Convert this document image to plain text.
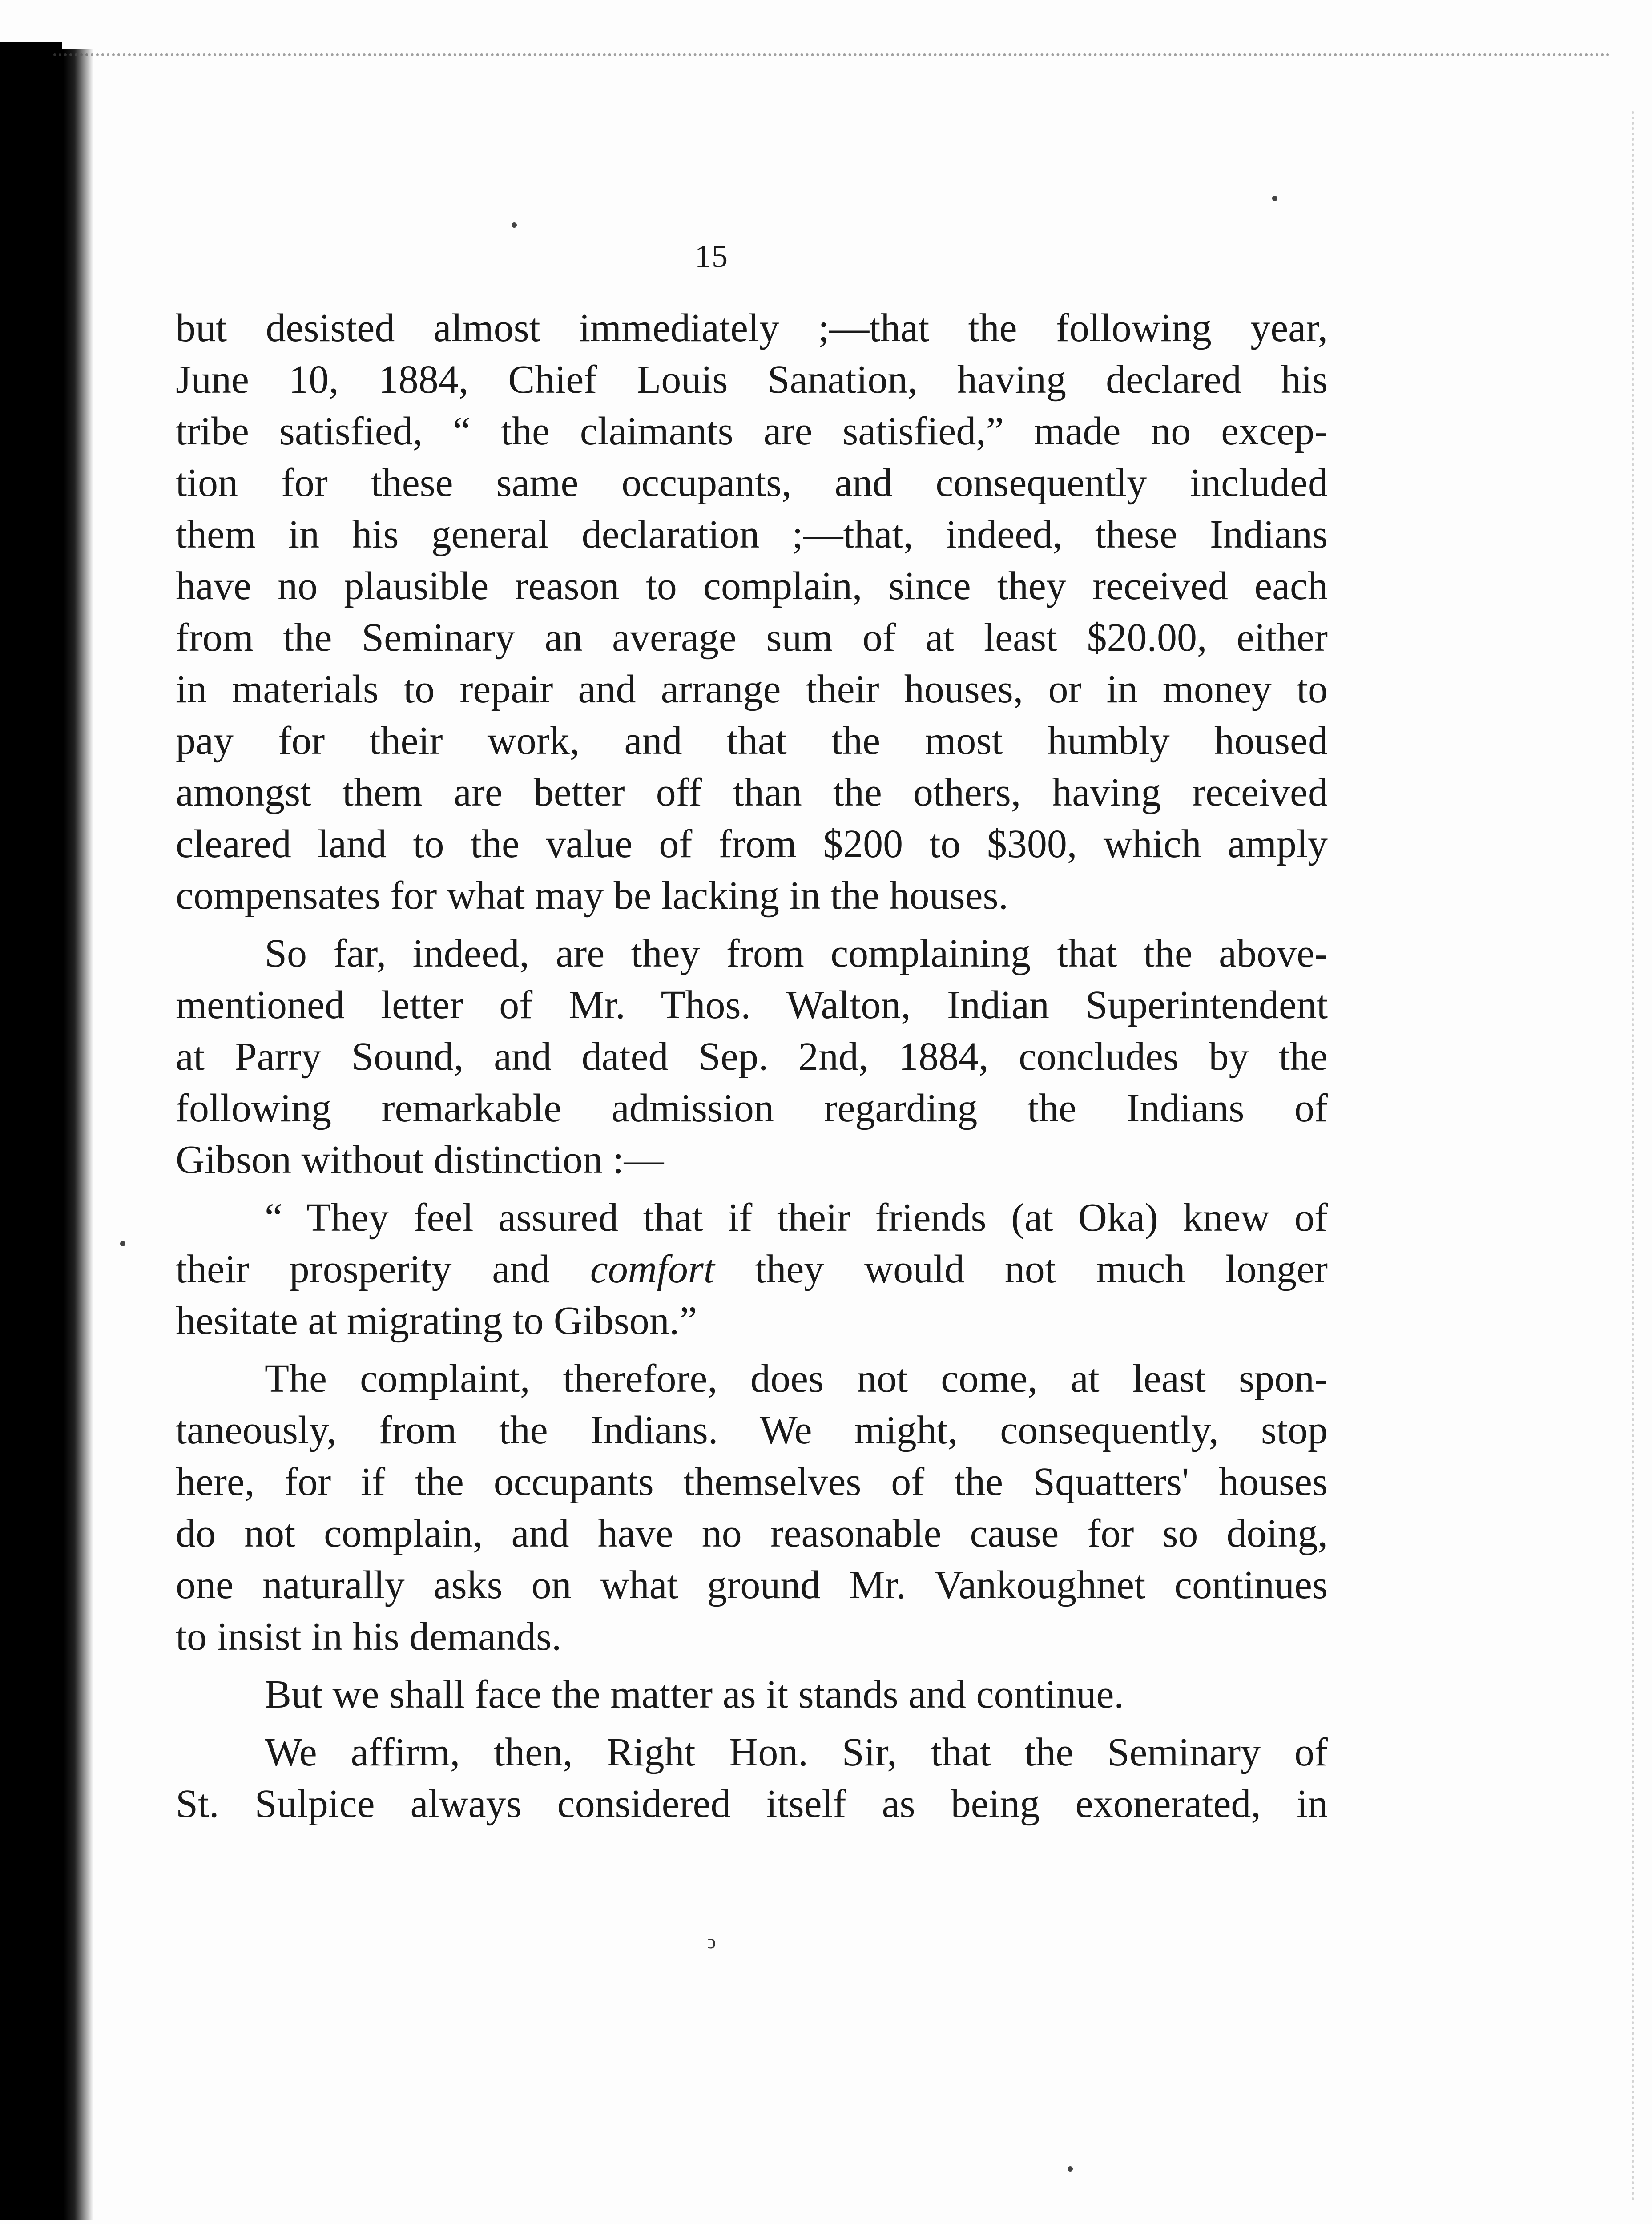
15
but desisted almost immediately ;—that the following year,
June 10, 1884, Chief Louis Sanation, having declared his
tribe satisfied, “ the claimants are satisfied,” made no excep-
tion for these same occupants, and consequently included
them in his general declaration ;—that, indeed, these Indians
have no plausible reason to complain, since they received each
from the Seminary an average sum of at least $20.00, either
in materials to repair and arrange their houses, or in money to
pay for their work, and that the most humbly housed
amongst them are better off than the others, having received
cleared land to the value of from $200 to $300, which amply
compensates for what may be lacking in the houses.
So far, indeed, are they from complaining that the above-
mentioned letter of Mr. Thos. Walton, Indian Superintendent
at Parry Sound, and dated Sep. 2nd, 1884, concludes by the
following remarkable admission regarding the Indians of
Gibson without distinction :—
“ They feel assured that if their friends (at Oka) knew of
their prosperity and comfort they would not much longer
hesitate at migrating to Gibson.”
The complaint, therefore, does not come, at least spon-
taneously, from the Indians. We might, consequently, stop
here, for if the occupants themselves of the Squatters' houses
do not complain, and have no reasonable cause for so doing,
one naturally asks on what ground Mr. Vankoughnet continues
to insist in his demands.
But we shall face the matter as it stands and continue.
We affirm, then, Right Hon. Sir, that the Seminary of
St. Sulpice always considered itself as being exonerated, in
ↄ
